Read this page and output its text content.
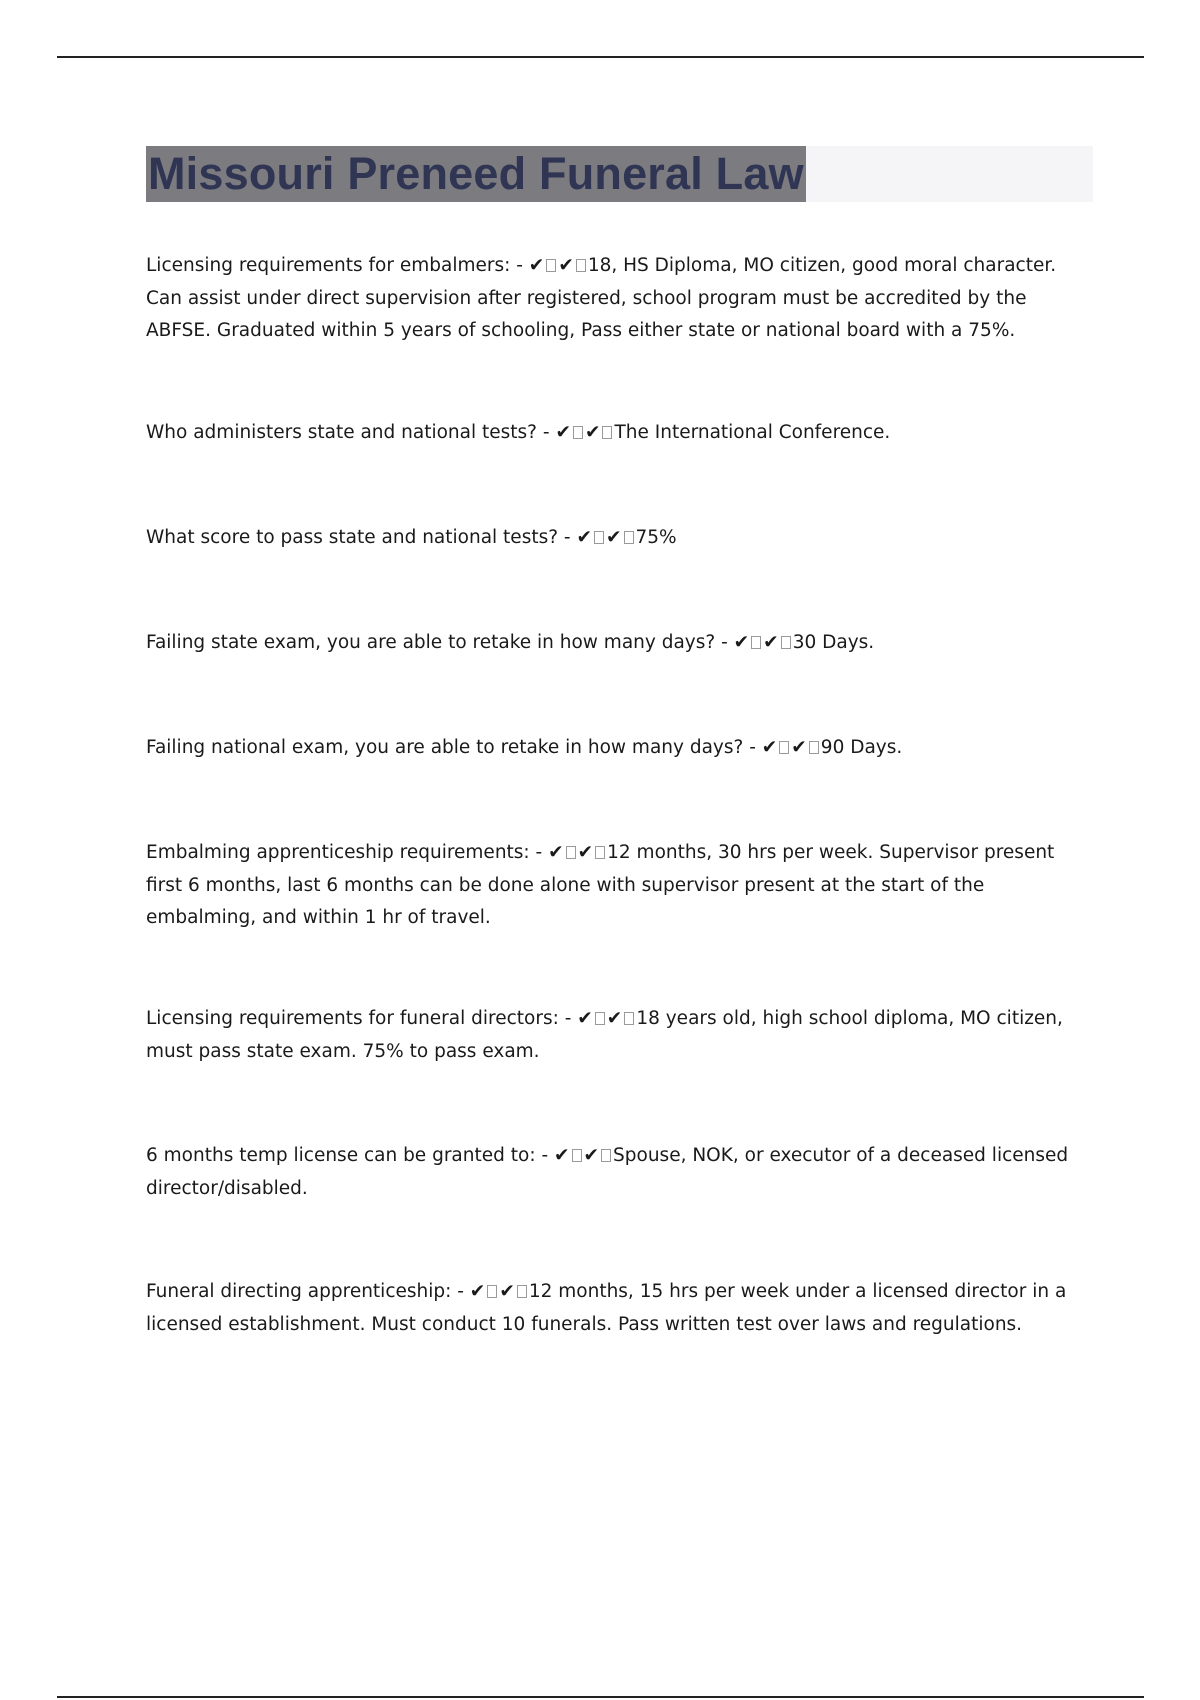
Missouri Preneed Funeral Law
Licensing requirements for embalmers: - ✔ ✔ 18, HS Diploma, MO citizen, good moral character. Can assist under direct supervision after registered, school program must be accredited by the ABFSE. Graduated within 5 years of schooling, Pass either state or national board with a 75%.
Who administers state and national tests? - ✔ ✔ The International Conference.
What score to pass state and national tests? - ✔ ✔ 75%
Failing state exam, you are able to retake in how many days? - ✔ ✔ 30 Days.
Failing national exam, you are able to retake in how many days? - ✔ ✔ 90 Days.
Embalming apprenticeship requirements: - ✔ ✔ 12 months, 30 hrs per week. Supervisor present first 6 months, last 6 months can be done alone with supervisor present at the start of the embalming, and within 1 hr of travel.
Licensing requirements for funeral directors: - ✔ ✔ 18 years old, high school diploma, MO citizen, must pass state exam. 75% to pass exam.
6 months temp license can be granted to: - ✔ ✔ Spouse, NOK, or executor of a deceased licensed director/disabled.
Funeral directing apprenticeship: - ✔ ✔ 12 months, 15 hrs per week under a licensed director in a licensed establishment. Must conduct 10 funerals. Pass written test over laws and regulations.
